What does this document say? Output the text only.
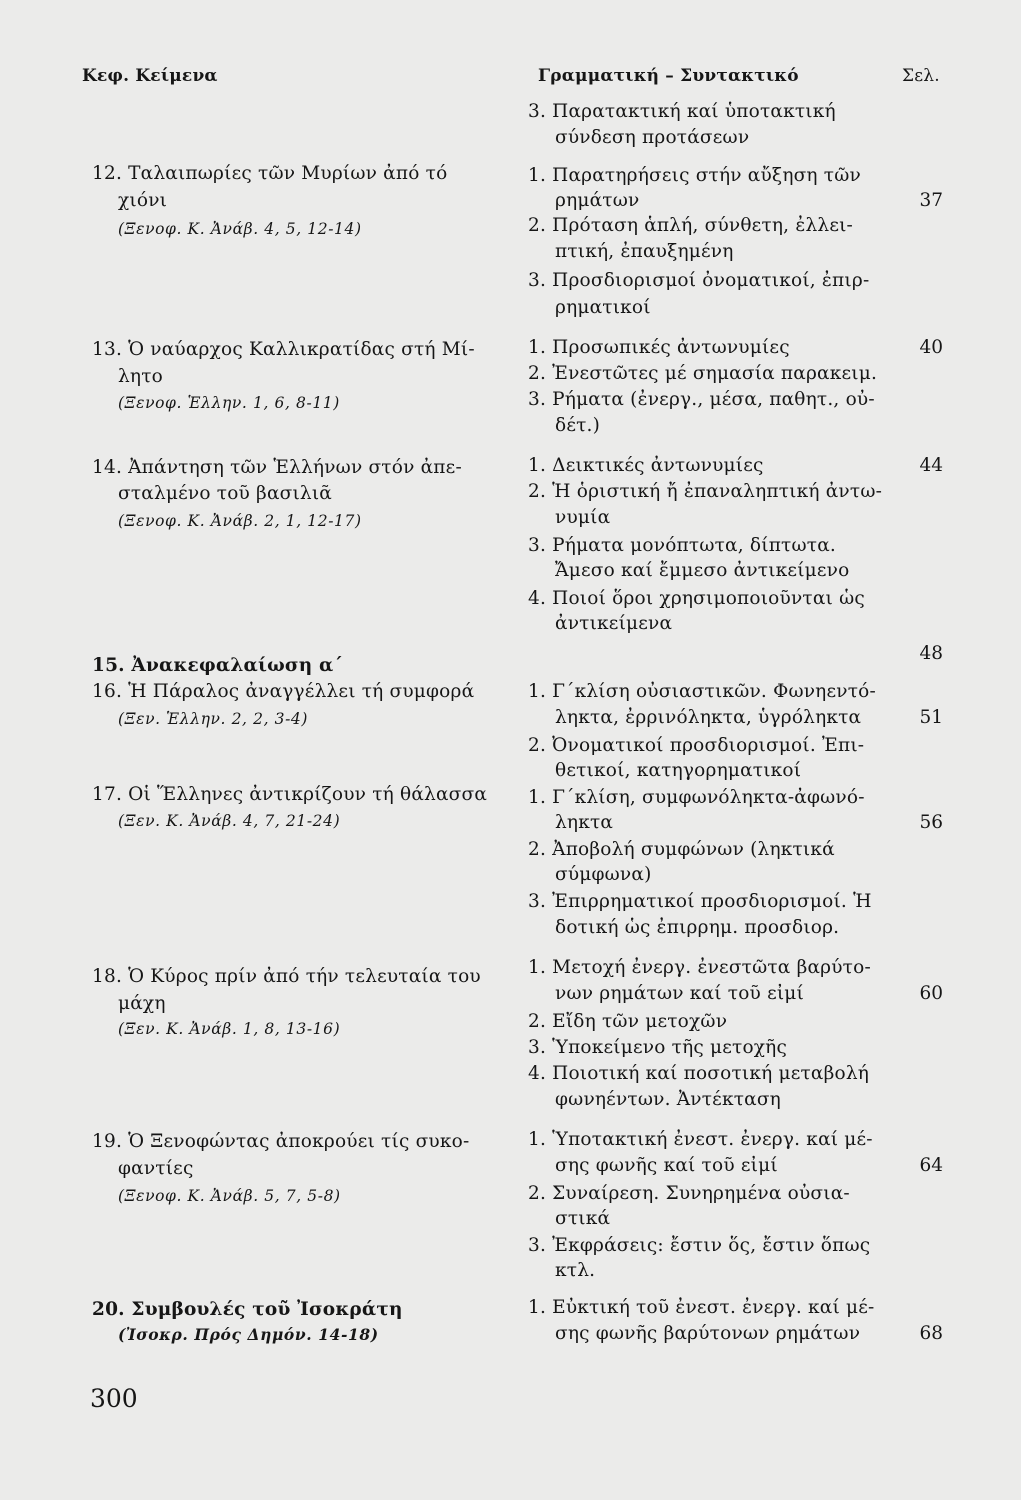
Κεφ. Κείμενα	Γραμματική – Συντακτικό	Σελ.
12. Ταλαιπωρίες τῶν Μυρίων ἀπό τό
χιόνι
(Ξενοφ. Κ. Ἀνάβ. 4, 5, 12-14)
13. Ὁ ναύαρχος Καλλικρατίδας στή Μί-
λητο
(Ξενοφ. Ἑλλην. 1, 6, 8-11)
14. Ἀπάντηση τῶν Ἑλλήνων στόν ἀπε-
σταλμένο τοῦ βασιλιᾶ
(Ξενοφ. Κ. Ἀνάβ. 2, 1, 12-17)
15. Ἀνακεφαλαίωση α΄
16. Ἡ Πάραλος ἀναγγέλλει τή συμφορά
(Ξεν. Ἑλλην. 2, 2, 3-4)
17. Οἱ Ἕλληνες ἀντικρίζουν τή θάλασσα
(Ξεν. Κ. Ἀνάβ. 4, 7, 21-24)
18. Ὁ Κύρος πρίν ἀπό τήν τελευταία του
μάχη
(Ξεν. Κ. Ἀνάβ. 1, 8, 13-16)
19. Ὁ Ξενοφώντας ἀποκρούει τίς συκο-
φαντίες
(Ξενοφ. Κ. Ἀνάβ. 5, 7, 5-8)
20. Συμβουλές τοῦ Ἰσοκράτη
(Ἰσοκρ. Πρός Δημόν. 14-18)
3. Παρατακτική καί ὑποτακτική
σύνδεση προτάσεων
1. Παρατηρήσεις στήν αὔξηση τῶν
ρημάτων
2. Πρόταση ἁπλή, σύνθετη, ἐλλει-
πτική, ἐπαυξημένη
3. Προσδιορισμοί ὀνοματικοί, ἐπιρ-
ρηματικοί
1. Προσωπικές ἀντωνυμίες
2. Ἐνεστῶτες μέ σημασία παρακειμ.
3. Ρήματα (ἐνεργ., μέσα, παθητ., οὐ-
δέτ.)
1. Δεικτικές ἀντωνυμίες
2. Ἡ ὁριστική ἤ ἐπαναληπτική ἀντω-
νυμία
3. Ρήματα μονόπτωτα, δίπτωτα.
Ἄμεσο καί ἔμμεσο ἀντικείμενο
4. Ποιοί ὅροι χρησιμοποιοῦνται ὡς
ἀντικείμενα
1. Γ΄κλίση οὐσιαστικῶν. Φωνηεντό-
ληκτα, ἐρρινόληκτα, ὑγρόληκτα
2. Ὀνοματικοί προσδιορισμοί. Ἐπι-
θετικοί, κατηγορηματικοί
1. Γ΄κλίση, συμφωνόληκτα-ἀφωνό-
ληκτα
2. Ἀποβολή συμφώνων (ληκτικά
σύμφωνα)
3. Ἐπιρρηματικοί προσδιορισμοί. Ἡ
δοτική ὡς ἐπιρρημ. προσδιορ.
1. Μετοχή ἐνεργ. ἐνεστῶτα βαρύτο-
νων ρημάτων καί τοῦ εἰμί
2. Εἴδη τῶν μετοχῶν
3. Ὑποκείμενο τῆς μετοχῆς
4. Ποιοτική καί ποσοτική μεταβολή
φωνηέντων. Ἀντέκταση
1. Ὑποτακτική ἐνεστ. ἐνεργ. καί μέ-
σης φωνῆς καί τοῦ εἰμί
2. Συναίρεση. Συνηρημένα οὐσια-
στικά
3. Ἐκφράσεις: ἔστιν ὅς, ἔστιν ὅπως
κτλ.
1. Εὐκτική τοῦ ἐνεστ. ἐνεργ. καί μέ-
σης φωνῆς βαρύτονων ρημάτων
37
40
44
48
51
56
60
64
68
300
